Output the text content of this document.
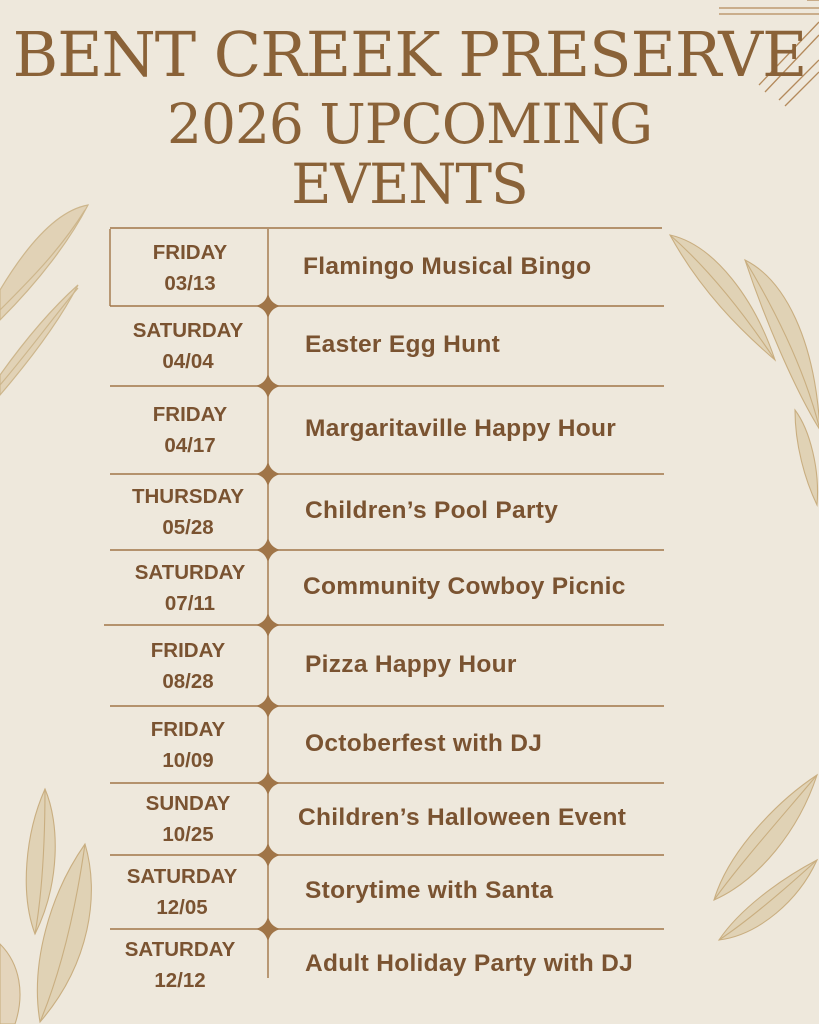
BENT CREEK PRESERVE
2026 UPCOMING
EVENTS
FRIDAY
03/13
Flamingo Musical Bingo
SATURDAY
04/04
Easter Egg Hunt
FRIDAY
04/17
Margaritaville Happy Hour
THURSDAY
05/28
Children’s Pool Party
SATURDAY
07/11
Community Cowboy Picnic
FRIDAY
08/28
Pizza Happy Hour
FRIDAY
10/09
Octoberfest with DJ
SUNDAY
10/25
Children’s Halloween Event
SATURDAY
12/05
Storytime with Santa
SATURDAY
12/12
Adult Holiday Party with DJ
